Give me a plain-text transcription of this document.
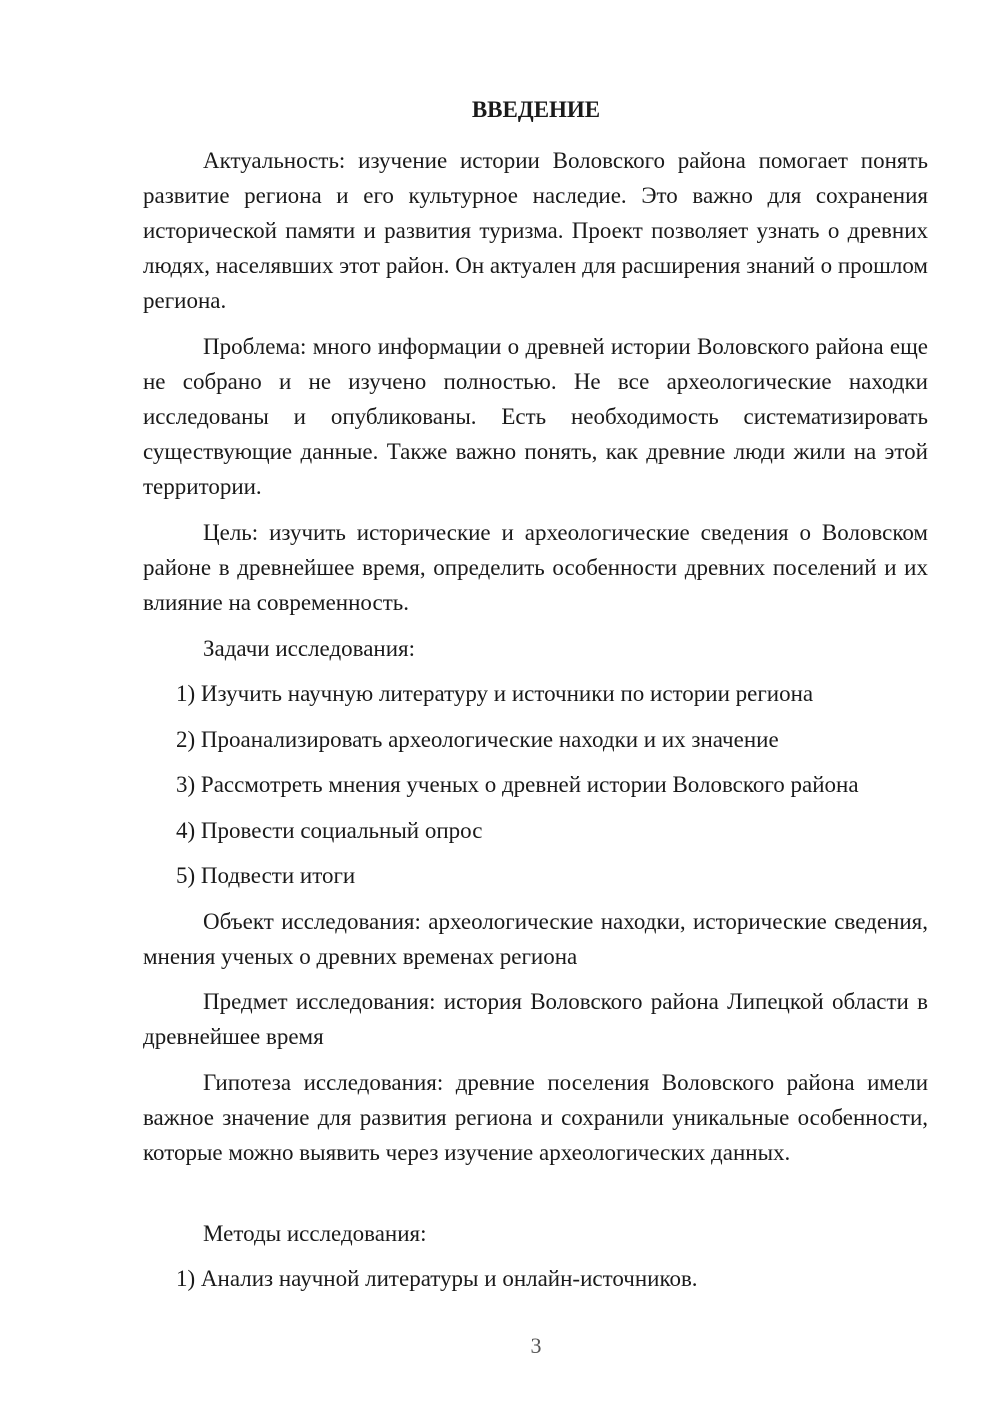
ВВЕДЕНИЕ

Актуальность: изучение истории Воловского района помогает понять развитие региона и его культурное наследие. Это важно для сохранения исторической памяти и развития туризма. Проект позволяет узнать о древних людях, населявших этот район. Он актуален для расширения знаний о прошлом региона.

Проблема: много информации о древней истории Воловского района еще не собрано и не изучено полностью. Не все археологические находки исследованы и опубликованы. Есть необходимость систематизировать существующие данные. Также важно понять, как древние люди жили на этой территории.

Цель: изучить исторические и археологические сведения о Воловском районе в древнейшее время, определить особенности древних поселений и их влияние на современность.

Задачи исследования:
1) Изучить научную литературу и источники по истории региона
2) Проанализировать археологические находки и их значение
3) Рассмотреть мнения ученых о древней истории Воловского района
4) Провести социальный опрос
5) Подвести итоги

Объект исследования: археологические находки, исторические сведения, мнения ученых о древних временах региона

Предмет исследования: история Воловского района Липецкой области в древнейшее время

Гипотеза исследования: древние поселения Воловского района имели важное значение для развития региона и сохранили уникальные особенности, которые можно выявить через изучение археологических данных.

Методы исследования:
1) Анализ научной литературы и онлайн-источников.
3
